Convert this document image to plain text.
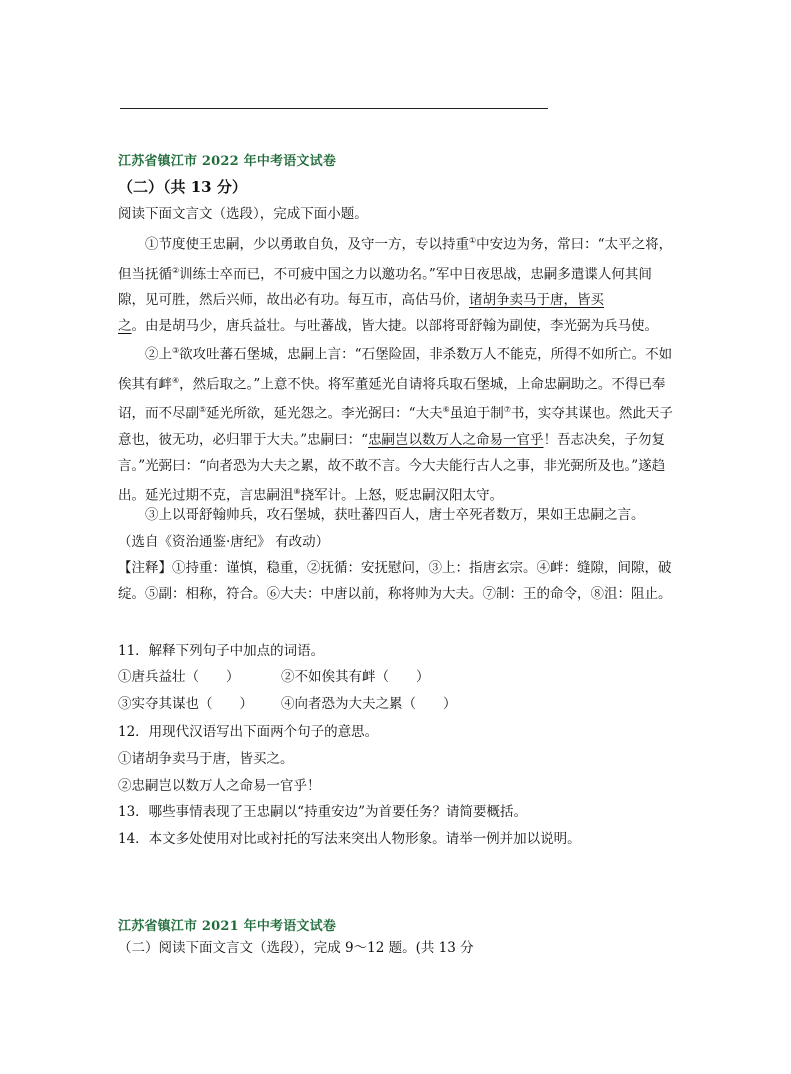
江苏省镇江市 2022 年中考语文试卷
（二）（共 13 分）
阅读下面文言文（选段），完成下面小题。
①节度使王忠嗣，少以勇敢自负，及守一方，专以持重①中安边为务，常曰：“太平之将，但当抚循②训练士卒而已，不可疲中国之力以邀功名。”军中日夜思战，忠嗣多遣谍人何其间隙，见可胜，然后兴师，故出必有功。每互市，高估马价，诸胡争卖马于唐，皆买
之。由是胡马少，唐兵益壮。与吐蕃战，皆大捷。以部将哥舒翰为副使，李光弼为兵马使。
②上③欲攻吐蕃石堡城，忠嗣上言：“石堡险固，非杀数万人不能克，所得不如所亡。不如俟其有衅④，然后取之。”上意不快。将军董延光自请将兵取石堡城，上命忠嗣助之。不得已奉诏，而不尽副⑤延光所欲，延光怨之。李光弼曰：“大夫⑥虽迫于制⑦书，实夺其谋也。然此天子意也，彼无功，必归罪于大夫。”忠嗣曰：“忠嗣岂以数万人之命易一官乎！吾志决矣，子勿复言。”光弼曰：“向者恐为大夫之累，故不敢不言。今大夫能行古人之事，非光弼所及也。”遂趋出。延光过期不克，言忠嗣沮⑧挠军计。上怒，贬忠嗣汉阳太守。
③上以哥舒翰帅兵，攻石堡城，获吐蕃四百人，唐士卒死者数万，果如王忠嗣之言。
（选自《资治通鉴·唐纪》 有改动）
【注释】①持重：谨慎，稳重，②抚循：安抚慰问，③上：指唐玄宗。④衅：缝隙，间隙，破绽。⑤副：相称，符合。⑥大夫：中唐以前，称将帅为大夫。⑦制：王的命令，⑧沮：阻止。
11．解释下列句子中加点的词语。
①唐兵益壮（　　）	②不如俟其有衅（　　）
③实夺其谋也（　　） ④向者恐为大夫之累（　　）
12．用现代汉语写出下面两个句子的意思。
①诸胡争卖马于唐，皆买之。
②忠嗣岂以数万人之命易一官乎！
13．哪些事情表现了王忠嗣以“持重安边”为首要任务？请简要概括。
14．本文多处使用对比或衬托的写法来突出人物形象。请举一例并加以说明。
江苏省镇江市 2021 年中考语文试卷
（二）阅读下面文言文（选段），完成 9～12 题。(共 13 分
